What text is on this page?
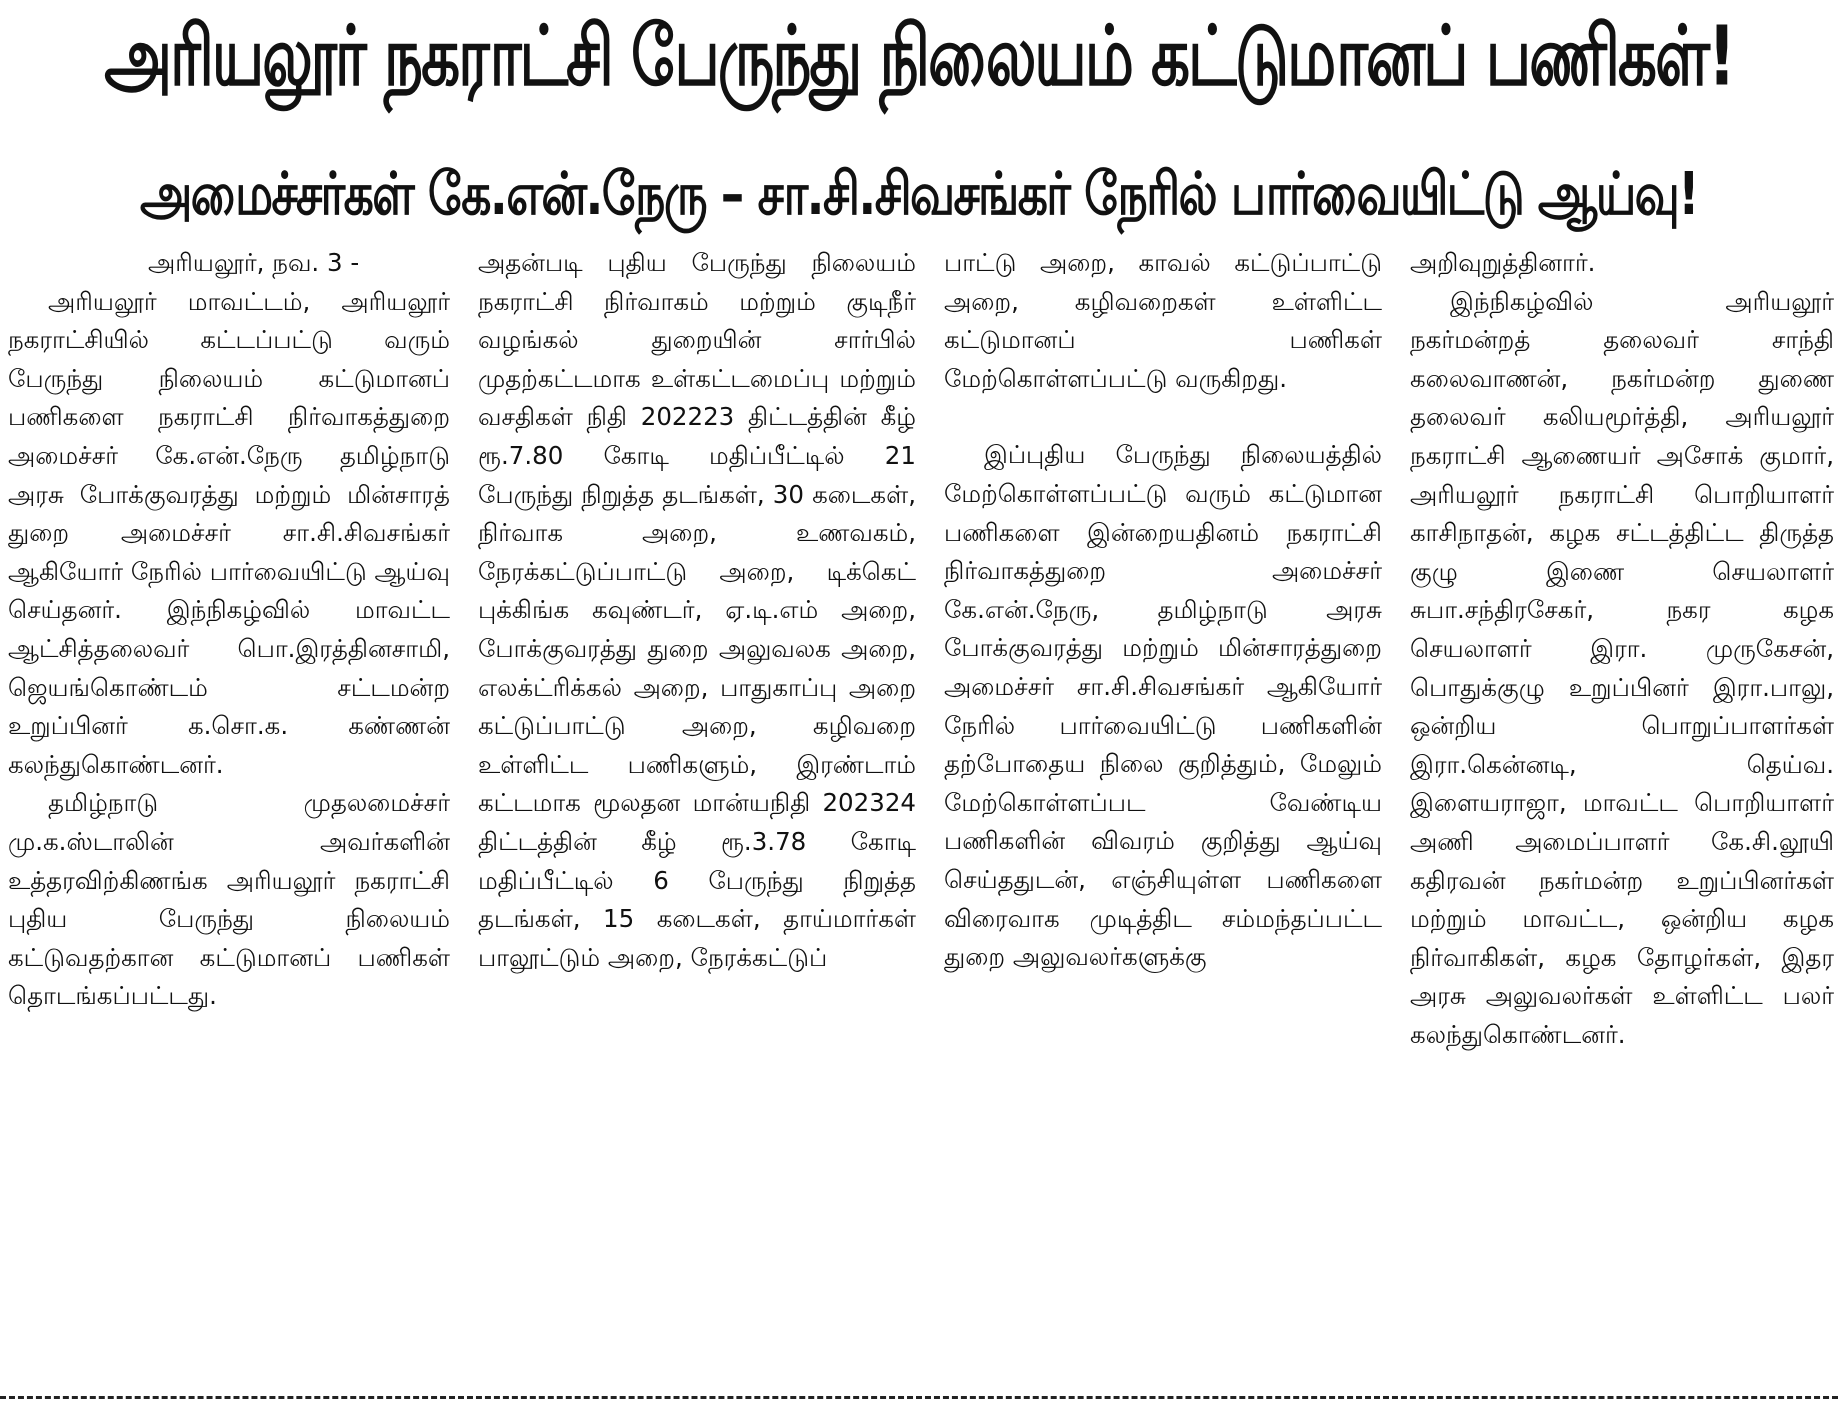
அரியலூர் நகராட்சி பேருந்து நிலையம் கட்டுமானப் பணிகள்!
அமைச்சர்கள் கே.என்.நேரு – சா.சி.சிவசங்கர் நேரில் பார்வையிட்டு ஆய்வு!

அரியலூர், நவ. 3 -

அரியலூர் மாவட்டம், அரியலூர் நகராட்சியில் கட்டப்பட்டு வரும் பேருந்து நிலையம் கட்டுமானப் பணிகளை நகராட்சி நிர்வாகத்துறை அமைச்சர் கே.என்.நேரு தமிழ்நாடு அரசு போக்குவரத்து மற்றும் மின்சாரத் துறை அமைச்சர் சா.சி.சிவசங்கர் ஆகியோர் நேரில் பார்வையிட்டு ஆய்வு செய்தனர். இந்நிகழ்வில் மாவட்ட ஆட்சித்தலைவர் பொ.இரத்தினசாமி, ஜெயங்கொண்டம் சட்டமன்ற உறுப்பினர் க.சொ.க. கண்ணன் கலந்துகொண்டனர்.

தமிழ்நாடு முதலமைச்சர் மு.க.ஸ்டாலின் அவர்களின் உத்தரவிற்கிணங்க அரியலூர் நகராட்சி புதிய பேருந்து நிலையம் கட்டுவதற்கான கட்டுமானப் பணிகள் தொடங்கப்பட்டது.

அதன்படி புதிய பேருந்து நிலையம் நகராட்சி நிர்வாகம் மற்றும் குடிநீர் வழங்கல் துறையின் சார்பில் முதற்கட்டமாக உள்கட்டமைப்பு மற்றும் வசதிகள் நிதி 202223 திட்டத்தின் கீழ் ரூ.7.80 கோடி மதிப்பீட்டில் 21 பேருந்து நிறுத்த தடங்கள், 30 கடைகள், நிர்வாக அறை, உணவகம், நேரக்கட்டுப்பாட்டு அறை, டிக்கெட் புக்கிங்க கவுண்டர், ஏ.டி.எம் அறை, போக்குவரத்து துறை அலுவலக அறை, எலக்ட்ரிக்கல் அறை, பாதுகாப்பு அறை கட்டுப்பாட்டு அறை, கழிவறை உள்ளிட்ட பணிகளும், இரண்டாம் கட்டமாக மூலதன மான்யநிதி 202324 திட்டத்தின் கீழ் ரூ.3.78 கோடி மதிப்பீட்டில் 6 பேருந்து நிறுத்த தடங்கள், 15 கடைகள், தாய்மார்கள் பாலூட்டும் அறை, நேரக்கட்டுப்

பாட்டு அறை, காவல் கட்டுப்பாட்டு அறை, கழிவறைகள் உள்ளிட்ட கட்டுமானப் பணிகள் மேற்கொள்ளப்பட்டு வருகிறது.

இப்புதிய பேருந்து நிலையத்தில் மேற்கொள்ளப்பட்டு வரும் கட்டுமான பணிகளை இன்றையதினம் நகராட்சி நிர்வாகத்துறை அமைச்சர் கே.என்.நேரு, தமிழ்நாடு அரசு போக்குவரத்து மற்றும் மின்சாரத்துறை அமைச்சர் சா.சி.சிவசங்கர் ஆகியோர் நேரில் பார்வையிட்டு பணிகளின் தற்போதைய நிலை குறித்தும், மேலும் மேற்கொள்ளப்பட வேண்டிய பணிகளின் விவரம் குறித்து ஆய்வு செய்ததுடன், எஞ்சியுள்ள பணிகளை விரைவாக முடித்திட சம்மந்தப்பட்ட துறை அலுவலர்களுக்கு

அறிவுறுத்தினார்.

இந்நிகழ்வில் அரியலூர் நகர்மன்றத் தலைவர் சாந்தி கலைவாணன், நகர்மன்ற துணை தலைவர் கலியமூர்த்தி, அரியலூர் நகராட்சி ஆணையர் அசோக் குமார், அரியலூர் நகராட்சி பொறியாளர் காசிநாதன், கழக சட்டத்திட்ட திருத்த குழு இணை செயலாளர் சுபா.சந்திரசேகர், நகர கழக செயலாளர் இரா. முருகேசன், பொதுக்குழு உறுப்பினர் இரா.பாலு, ஒன்றிய பொறுப்பாளர்கள் இரா.கென்னடி, தெய்வ. இளையராஜா, மாவட்ட பொறியாளர் அணி அமைப்பாளர் கே.சி.லூயி கதிரவன் நகர்மன்ற உறுப்பினர்கள் மற்றும் மாவட்ட, ஒன்றிய கழக நிர்வாகிகள், கழக தோழர்கள், இதர அரசு அலுவலர்கள் உள்ளிட்ட பலர் கலந்துகொண்டனர்.
